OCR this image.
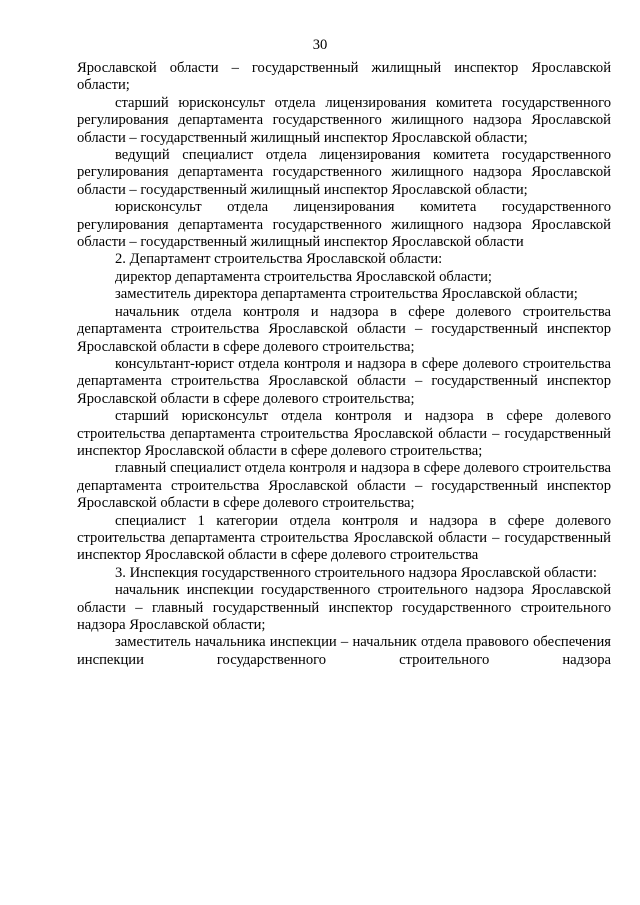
30

Ярославской области – государственный жилищный инспектор Ярославской области;

старший юрисконсульт отдела лицензирования комитета государственного регулирования департамента государственного жилищного надзора Ярославской области – государственный жилищный инспектор Ярославской области;

ведущий специалист отдела лицензирования комитета государственного регулирования департамента государственного жилищного надзора Ярославской области – государственный жилищный инспектор Ярославской области;

юрисконсульт отдела лицензирования комитета государственного регулирования департамента государственного жилищного надзора Ярославской области – государственный жилищный инспектор Ярославской области

2. Департамент строительства Ярославской области:

директор департамента строительства Ярославской области;

заместитель директора департамента строительства Ярославской области;

начальник отдела контроля и надзора в сфере долевого строительства департамента строительства Ярославской области – государственный инспектор Ярославской области в сфере долевого строительства;

консультант-юрист отдела контроля и надзора в сфере долевого строительства департамента строительства Ярославской области – государственный инспектор Ярославской области в сфере долевого строительства;

старший юрисконсульт отдела контроля и надзора в сфере долевого строительства департамента строительства Ярославской области – государственный инспектор Ярославской области в сфере долевого строительства;

главный специалист отдела контроля и надзора в сфере долевого строительства департамента строительства Ярославской области – государственный инспектор Ярославской области в сфере долевого строительства;

специалист 1 категории отдела контроля и надзора в сфере долевого строительства департамента строительства Ярославской области – государственный инспектор Ярославской области в сфере долевого строительства

3. Инспекция государственного строительного надзора Ярославской области:

начальник инспекции государственного строительного надзора Ярославской области – главный государственный инспектор государственного строительного надзора Ярославской области;

заместитель начальника инспекции – начальник отдела правового обеспечения инспекции государственного строительного надзора
